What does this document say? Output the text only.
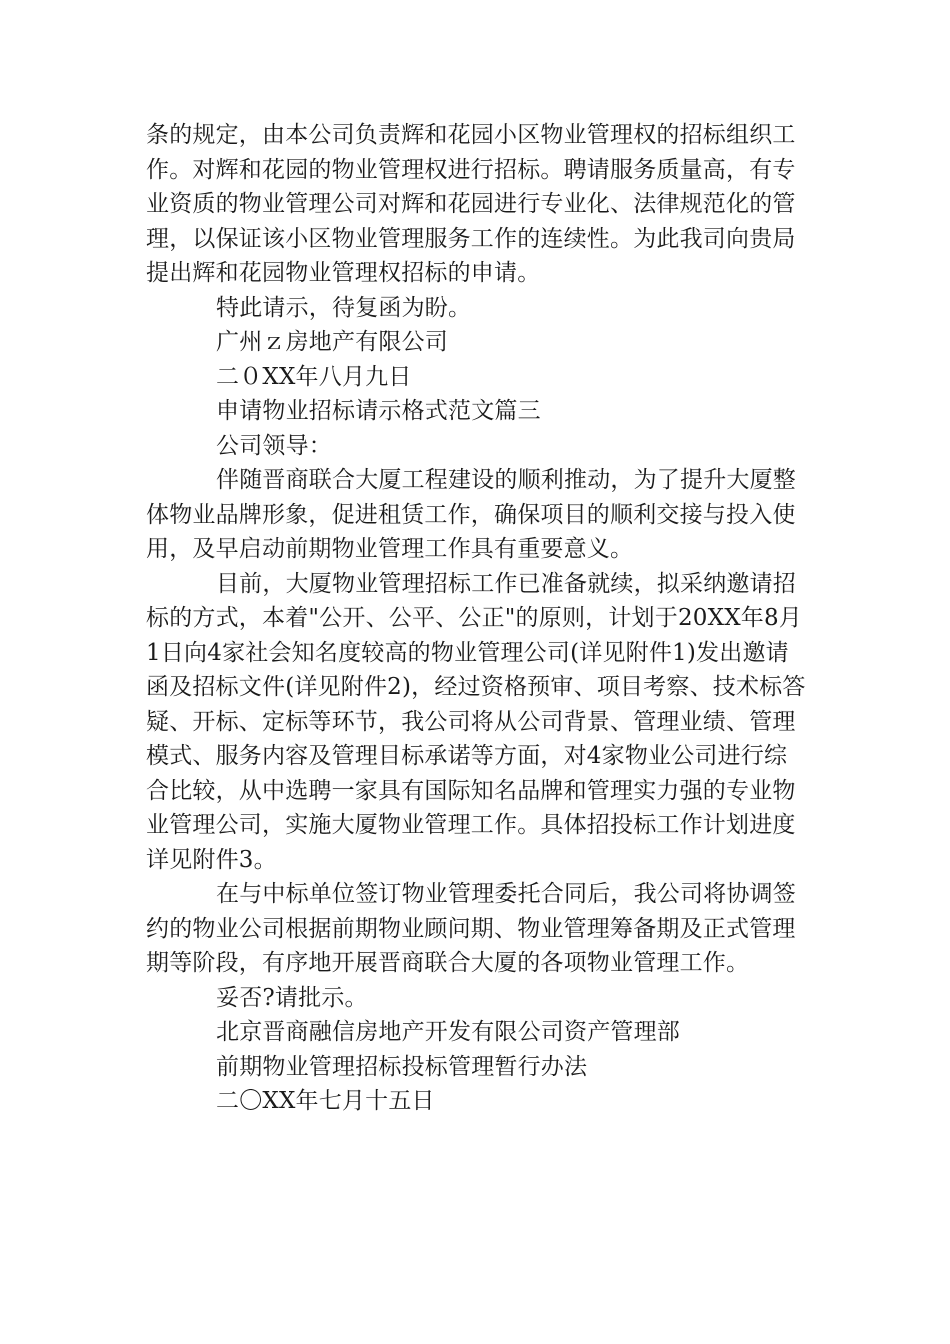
条的规定，由本公司负责辉和花园小区物业管理权的招标组织工作。对辉和花园的物业管理权进行招标。聘请服务质量高，有专业资质的物业管理公司对辉和花园进行专业化、法律规范化的管理，以保证该小区物业管理服务工作的连续性。为此我司向贵局提出辉和花园物业管理权招标的申请。

特此请示，待复函为盼。

广州ｚ房地产有限公司

二０XX年八月九日

申请物业招标请示格式范文篇三

公司领导：

伴随晋商联合大厦工程建设的顺利推动，为了提升大厦整体物业品牌形象，促进租赁工作，确保项目的顺利交接与投入使用，及早启动前期物业管理工作具有重要意义。

目前，大厦物业管理招标工作已准备就续，拟采纳邀请招标的方式，本着"公开、公平、公正"的原则，计划于20XX年8月1日向4家社会知名度较高的物业管理公司(详见附件1)发出邀请函及招标文件(详见附件2)，经过资格预审、项目考察、技术标答疑、开标、定标等环节，我公司将从公司背景、管理业绩、管理模式、服务内容及管理目标承诺等方面，对4家物业公司进行综合比较，从中选聘一家具有国际知名品牌和管理实力强的专业物业管理公司，实施大厦物业管理工作。具体招投标工作计划进度详见附件3。

在与中标单位签订物业管理委托合同后，我公司将协调签约的物业公司根据前期物业顾问期、物业管理筹备期及正式管理期等阶段，有序地开展晋商联合大厦的各项物业管理工作。

妥否?请批示。

北京晋商融信房地产开发有限公司资产管理部

前期物业管理招标投标管理暂行办法

二〇XX年七月十五日
